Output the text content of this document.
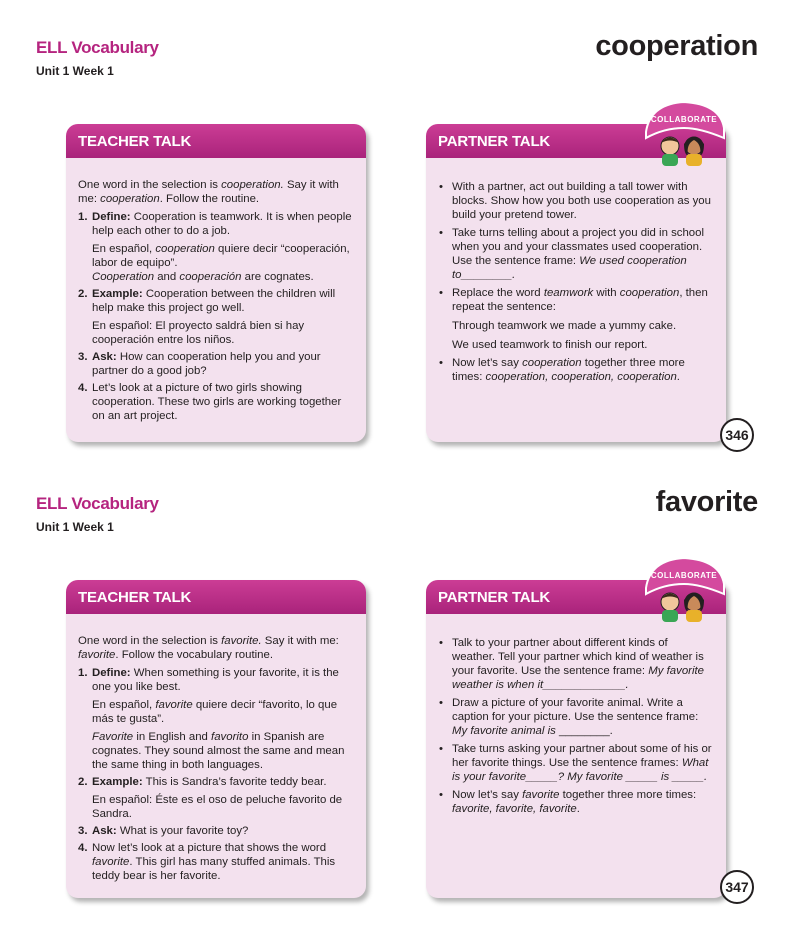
ELL Vocabulary
Unit 1 Week 1
cooperation
TEACHER TALK

One word in the selection is cooperation. Say it with me: cooperation. Follow the routine.

1. Define: Cooperation is teamwork. It is when people help each other to do a job.
En español, cooperation quiere decir “cooperación, labor de equipo”.
Cooperation and cooperación are cognates.
2. Example: Cooperation between the children will help make this project go well.
En español: El proyecto saldrá bien si hay cooperación entre los niños.
3. Ask: How can cooperation help you and your partner do a good job?
4. Let’s look at a picture of two girls showing cooperation. These two girls are working together on an art project.
PARTNER TALK
• With a partner, act out building a tall tower with blocks. Show how you both use cooperation as you build your pretend tower.
• Take turns telling about a project you did in school when you and your classmates used cooperation. Use the sentence frame: We used cooperation to________.
• Replace the word teamwork with cooperation, then repeat the sentence:
Through teamwork we made a yummy cake.
We used teamwork to finish our report.
• Now let’s say cooperation together three more times: cooperation, cooperation, cooperation.
COLLABORATE
346
ELL Vocabulary
Unit 1 Week 1
favorite
TEACHER TALK

One word in the selection is favorite. Say it with me: favorite. Follow the vocabulary routine.

1. Define: When something is your favorite, it is the one you like best.
En español, favorite quiere decir “favorito, lo que más te gusta”.
Favorite in English and favorito in Spanish are cognates. They sound almost the same and mean the same thing in both languages.
2. Example: This is Sandra’s favorite teddy bear.
En español: Éste es el oso de peluche favorito de Sandra.
3. Ask: What is your favorite toy?
4. Now let’s look at a picture that shows the word favorite. This girl has many stuffed animals. This teddy bear is her favorite.
PARTNER TALK
• Talk to your partner about different kinds of weather. Tell your partner which kind of weather is your favorite. Use the sentence frame: My favorite weather is when it_____________.
• Draw a picture of your favorite animal. Write a caption for your picture. Use the sentence frame: My favorite animal is ________.
• Take turns asking your partner about some of his or her favorite things. Use the sentence frames: What is your favorite_____? My favorite _____ is _____.
• Now let’s say favorite together three more times: favorite, favorite, favorite.
COLLABORATE
347
